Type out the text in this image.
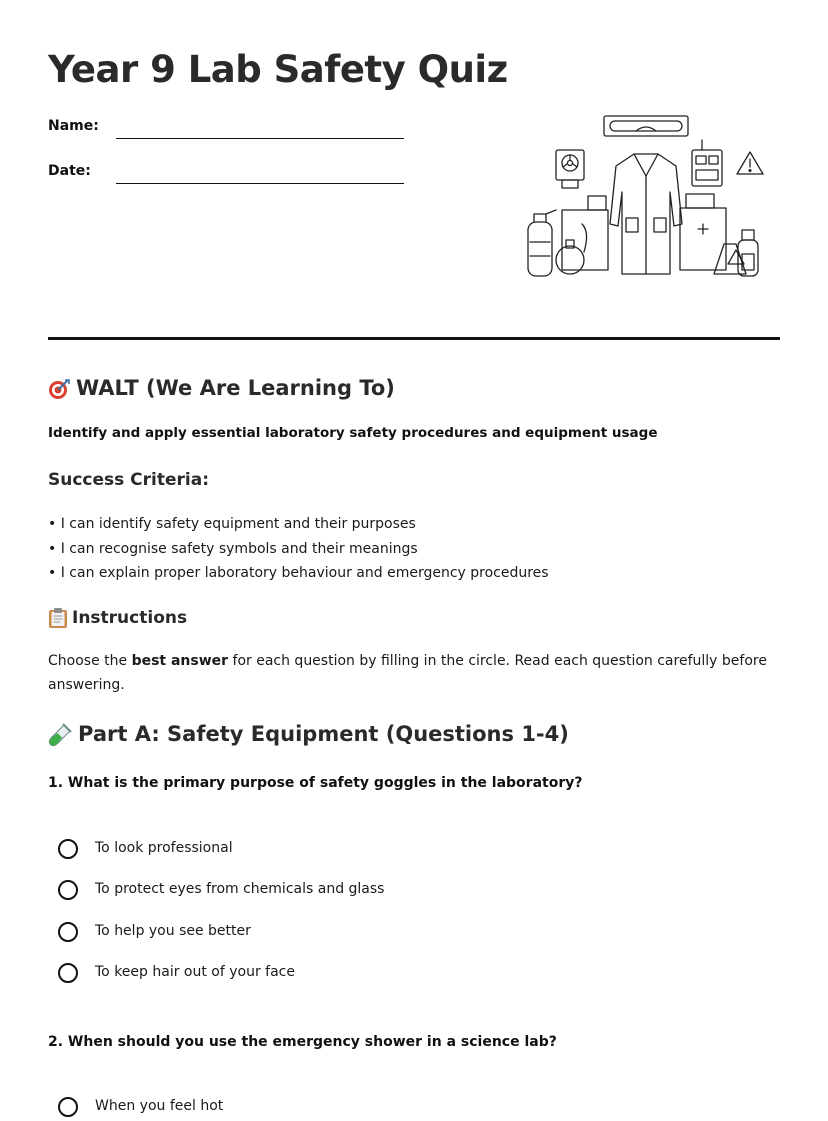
Year 9 Lab Safety Quiz
Name:
Date:
WALT (We Are Learning To)
Identify and apply essential laboratory safety procedures and equipment usage
Success Criteria:
• I can identify safety equipment and their purposes
• I can recognise safety symbols and their meanings
• I can explain proper laboratory behaviour and emergency procedures
Instructions

Choose the best answer for each question by filling in the circle. Read each question carefully before answering.

Part A: Safety Equipment (Questions 1-4)
1. What is the primary purpose of safety goggles in the laboratory?
To look professional
To protect eyes from chemicals and glass
To help you see better
To keep hair out of your face
2. When should you use the emergency shower in a science lab?
When you feel hot
